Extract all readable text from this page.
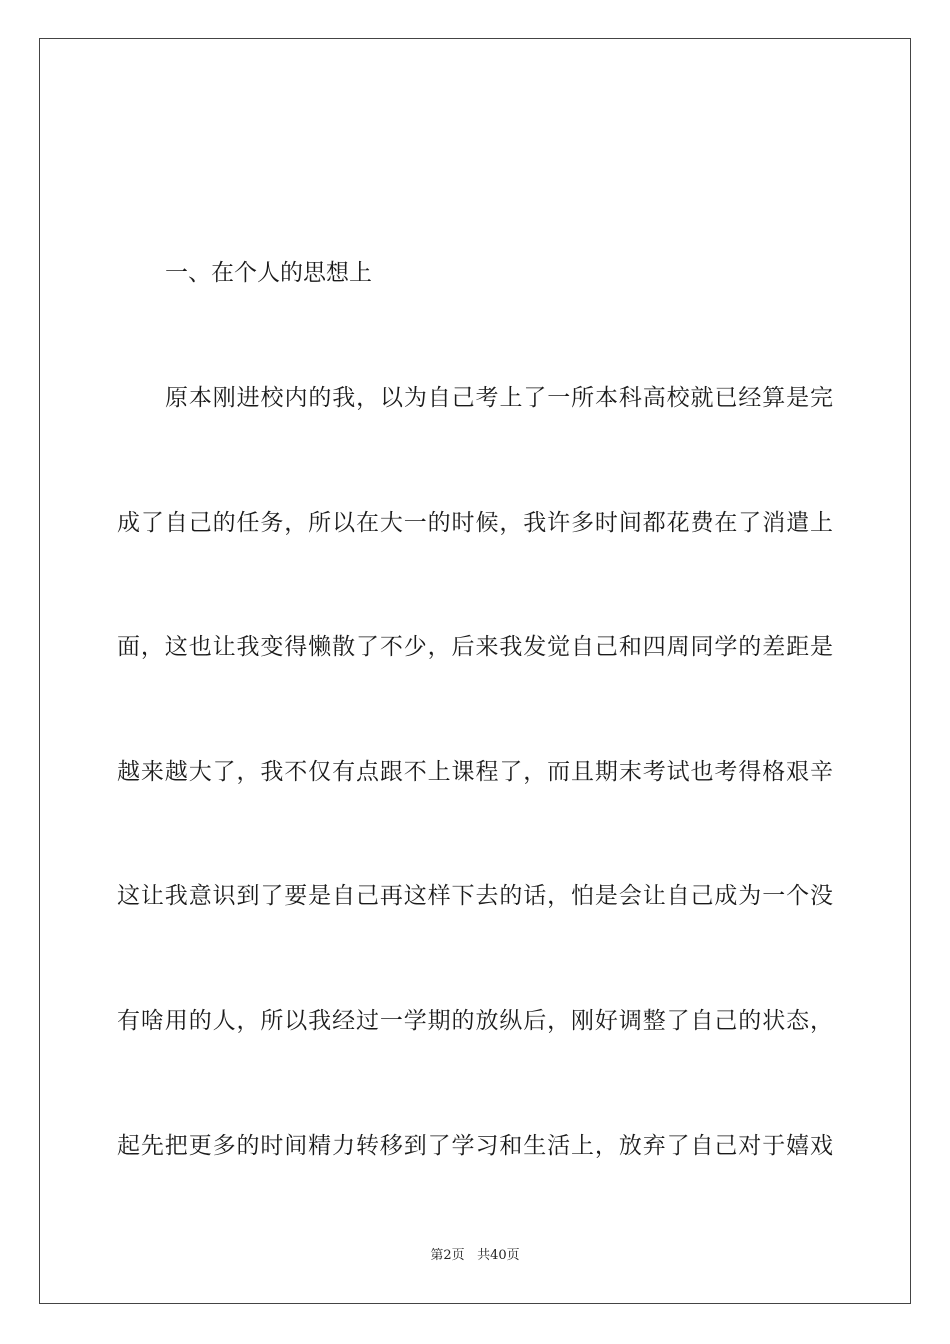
一、在个人的思想上
原本刚进校内的我，以为自己考上了一所本科高校就已经算是完
成了自己的任务，所以在大一的时候，我许多时间都花费在了消遣上
面，这也让我变得懒散了不少，后来我发觉自己和四周同学的差距是
越来越大了，我不仅有点跟不上课程了，而且期末考试也考得格艰辛
这让我意识到了要是自己再这样下去的话，怕是会让自己成为一个没
有啥用的人，所以我经过一学期的放纵后，刚好调整了自己的状态，
起先把更多的时间精力转移到了学习和生活上，放弃了自己对于嬉戏
第2页 共40页
